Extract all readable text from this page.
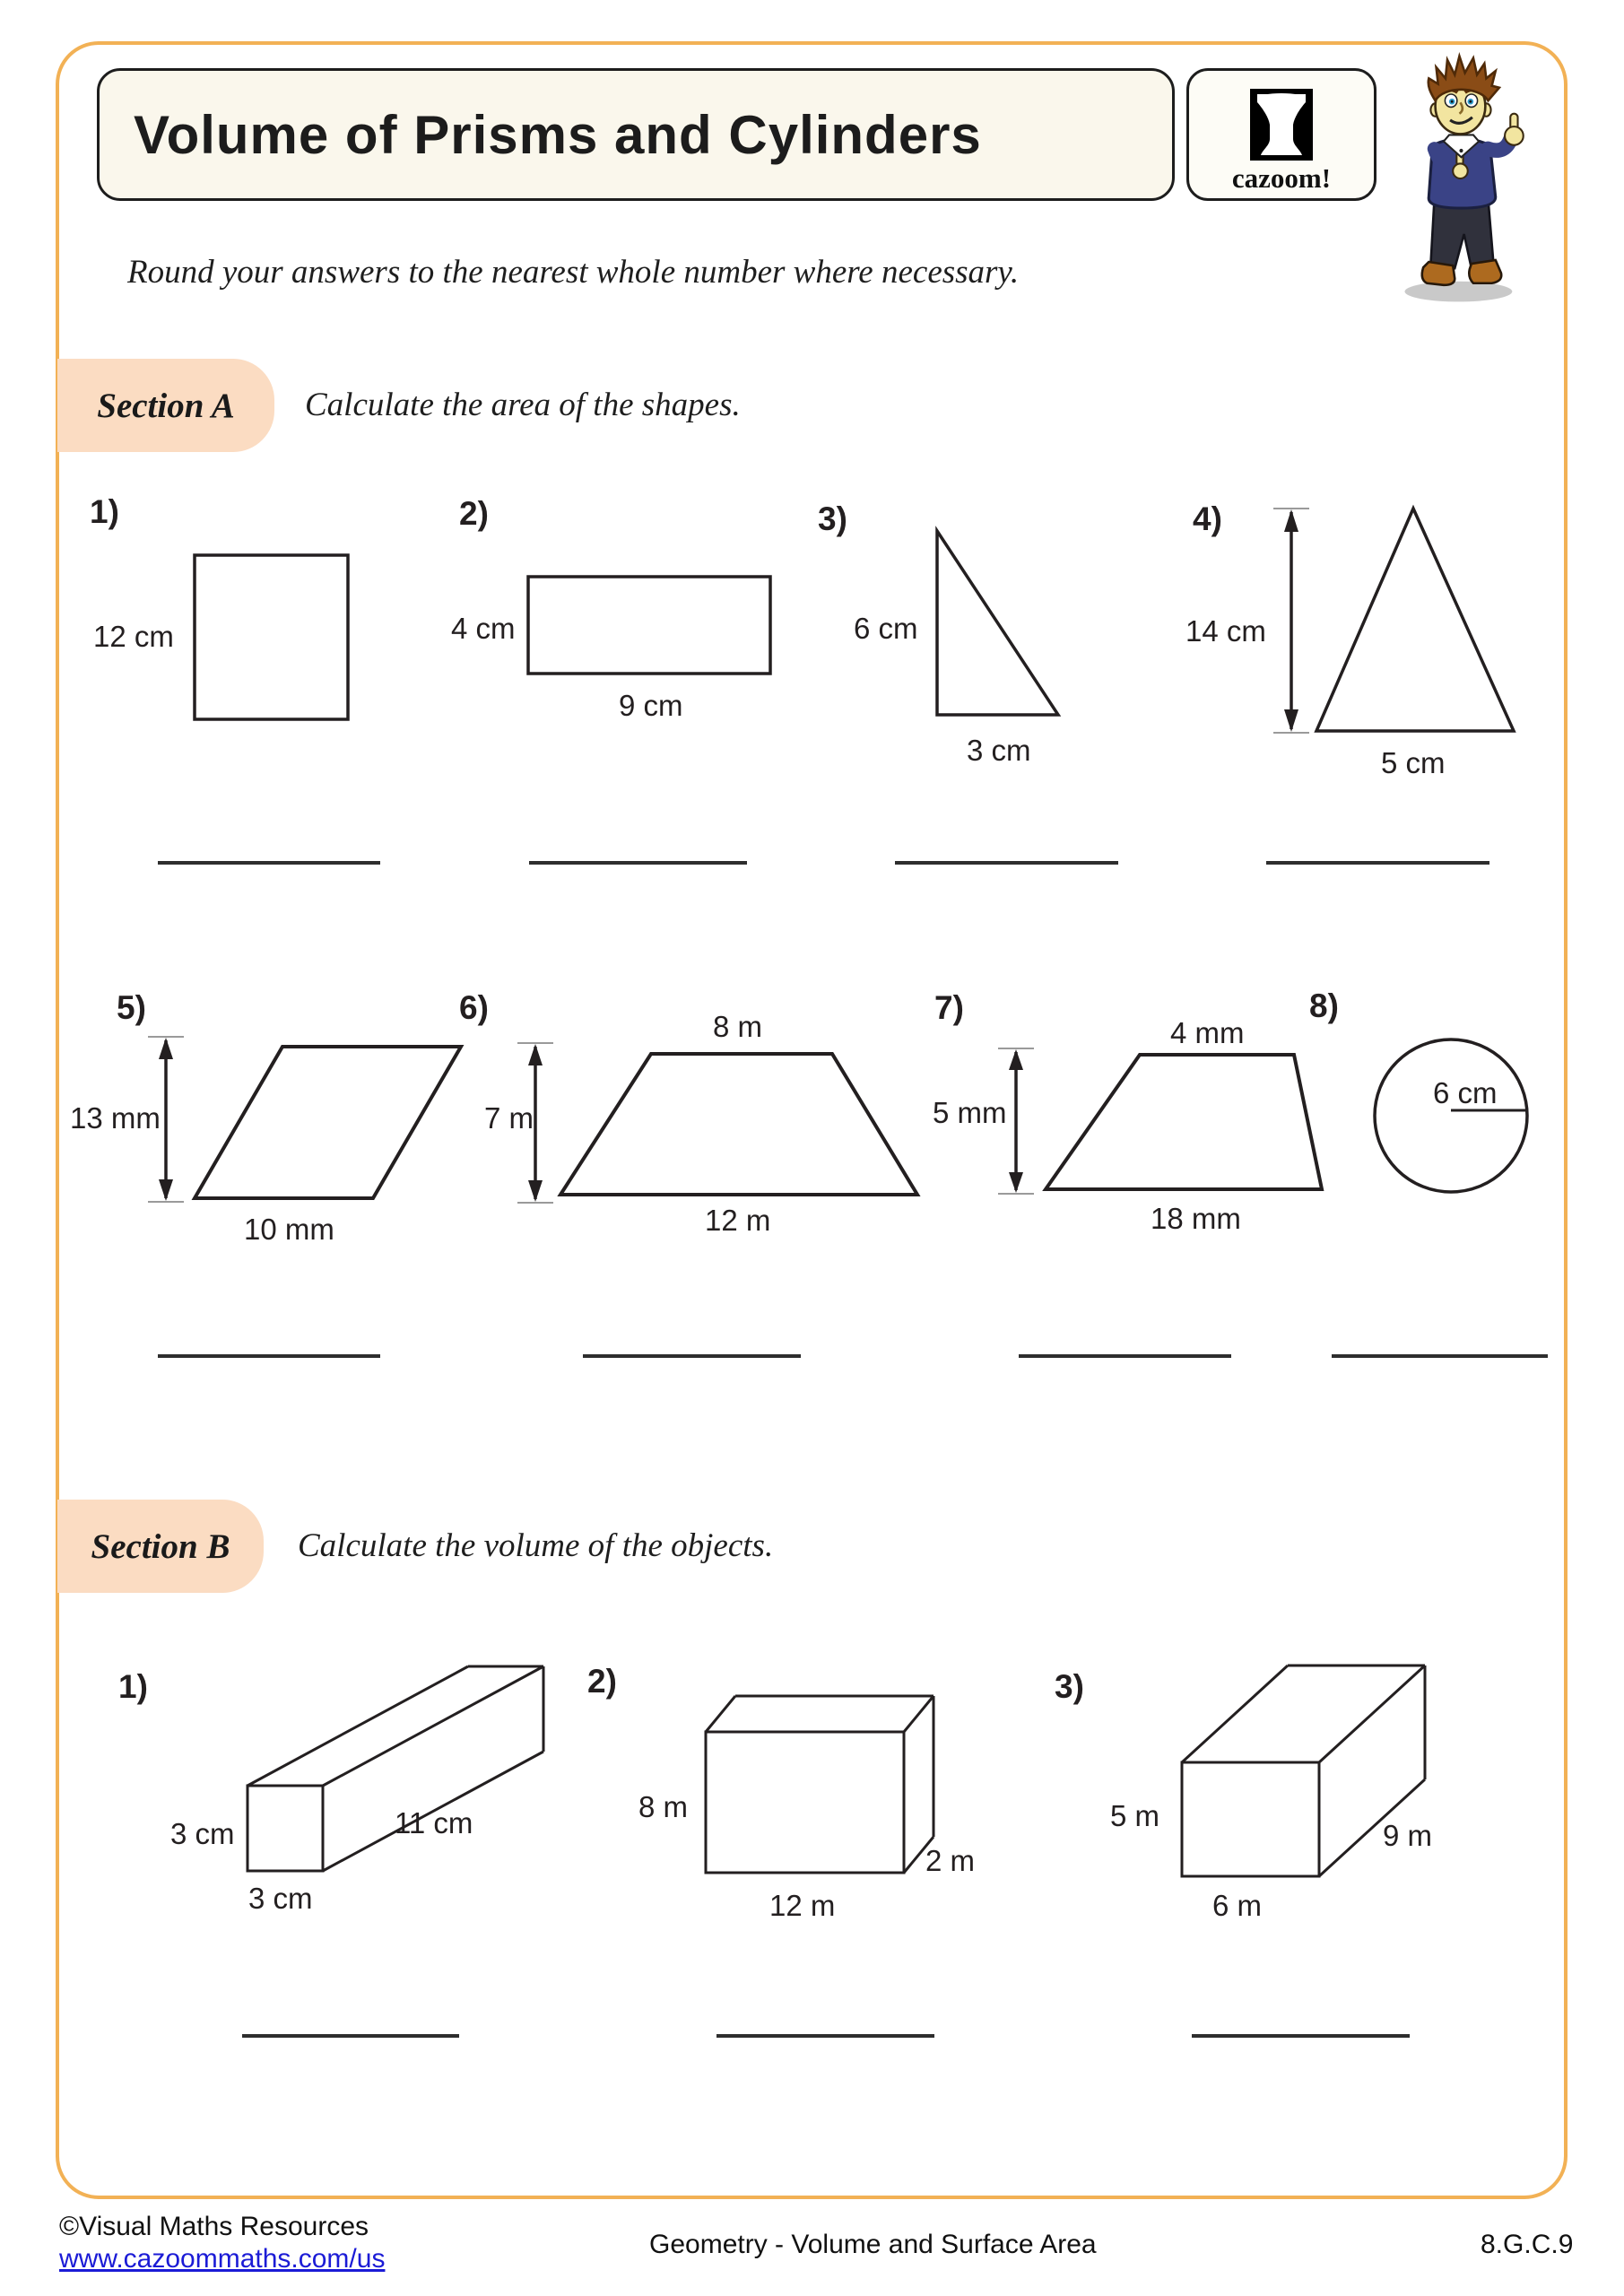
Volume of Prisms and Cylinders
cazoom!
Round your answers to the nearest whole number where necessary.
Section A Calculate the area of the shapes.
1)
12 cm
2)
4 cm
9 cm
3)
6 cm
3 cm
4)
14 cm
5 cm
5)
13 mm
10 mm
6)
8 m
7 m
12 m
7)
4 mm
5 mm
18 mm
8)
6 cm
Section B Calculate the volume of the objects.
1)
3 cm
3 cm
11 cm
2)
8 m
12 m
2 m
3)
5 m
6 m
9 m
©Visual Maths Resources
www.cazoommaths.com/us	Geometry - Volume and Surface Area	8.G.C.9
